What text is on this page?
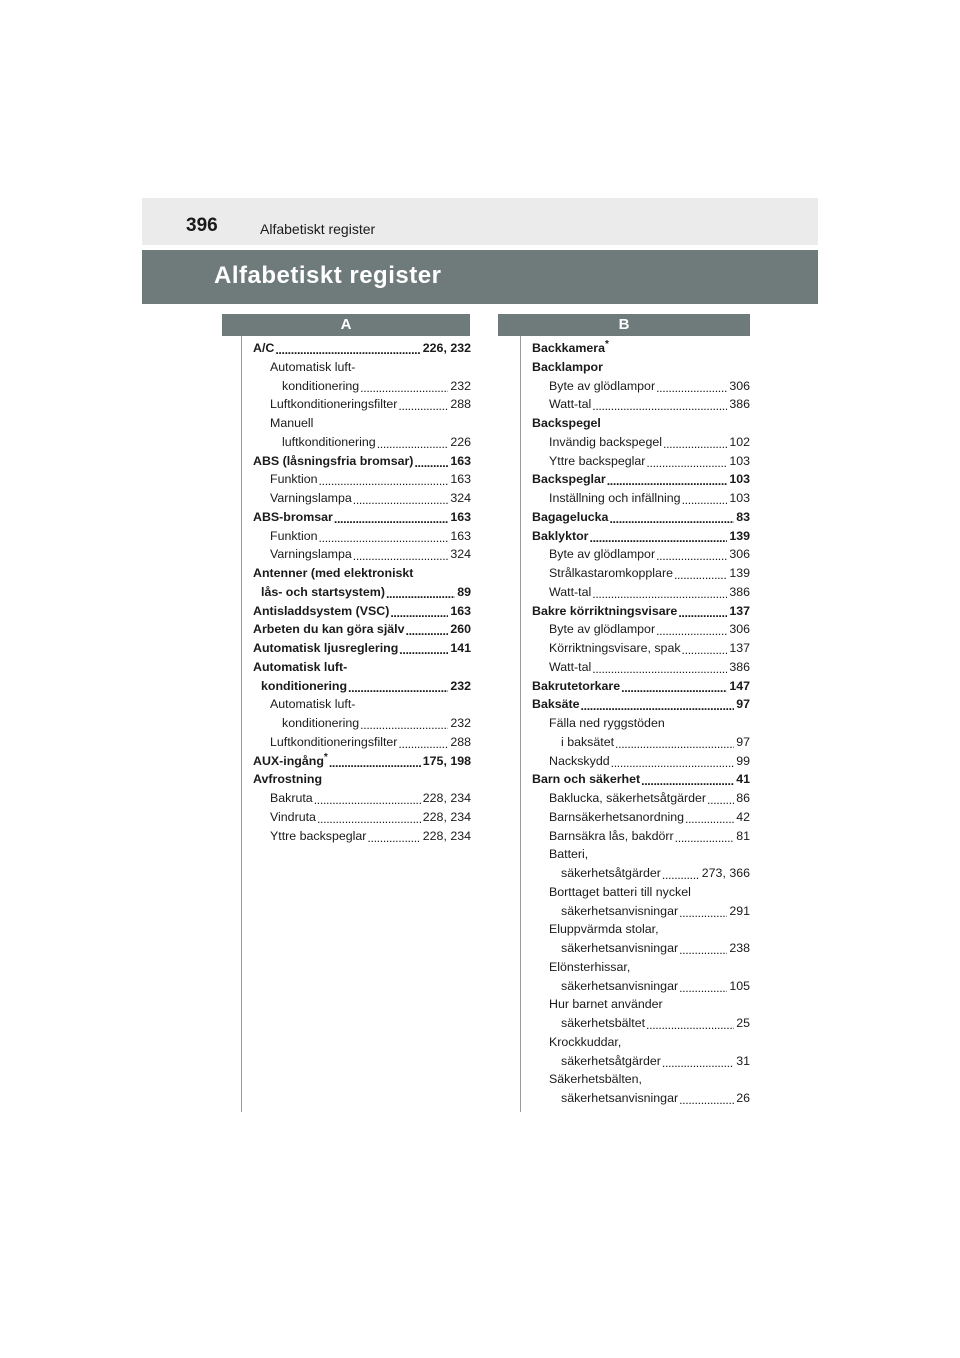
396	Alfabetiskt register
Alfabetiskt register
A	B
A/C . . .	226, 232
Automatisk luft-
konditionering . . .	232
Luftkonditioneringsfilter . . .	288
Manuell
luftkonditionering . . .	226
ABS (låsningsfria bromsar) . . .	163
Funktion . . .	163
Varningslampa . . .	324
ABS-bromsar . . .	163
Funktion . . .	163
Varningslampa . . .	324
Antenner (med elektroniskt
lås- och startsystem) . . .	89
Antisladdsystem (VSC) . . .	163
Arbeten du kan göra själv . . .	260
Automatisk ljusreglering . . .	141
Automatisk luft-
konditionering . . .	232
Automatisk luft-
konditionering . . .	232
Luftkonditioneringsfilter . . .	288
AUX-ingång* . . .	175, 198
Avfrostning
Bakruta . . .	228, 234
Vindruta . . .	228, 234
Yttre backspeglar . . .	228, 234
Backkamera*
Backlampor
Byte av glödlampor . . .	306
Watt-tal . . .	386
Backspegel
Invändig backspegel . . .	102
Yttre backspeglar . . .	103
Backspeglar . . .	103
Inställning och infällning . . .	103
Bagagelucka . . .	83
Baklyktor . . .	139
Byte av glödlampor . . .	306
Strålkastaromkopplare . . .	139
Watt-tal . . .	386
Bakre körriktningsvisare . . .	137
Byte av glödlampor . . .	306
Körriktningsvisare, spak . . .	137
Watt-tal . . .	386
Bakrutetorkare . . .	147
Baksäte . . .	97
Fälla ned ryggstöden
i baksätet . . .	97
Nackskydd . . .	99
Barn och säkerhet . . .	41
Baklucka, säkerhetsåtgärder . . .	86
Barnsäkerhetsanordning . . .	42
Barnsäkra lås, bakdörr . . .	81
Batteri,
säkerhetsåtgärder . . .	273, 366
Borttaget batteri till nyckel
säkerhetsanvisningar . . .	291
Eluppvärmda stolar,
säkerhetsanvisningar . . .	238
Elönsterhissar,
säkerhetsanvisningar . . .	105
Hur barnet använder
säkerhetsbältet . . .	25
Krockkuddar,
säkerhetsåtgärder . . .	31
Säkerhetsbälten,
säkerhetsanvisningar . . .	26
